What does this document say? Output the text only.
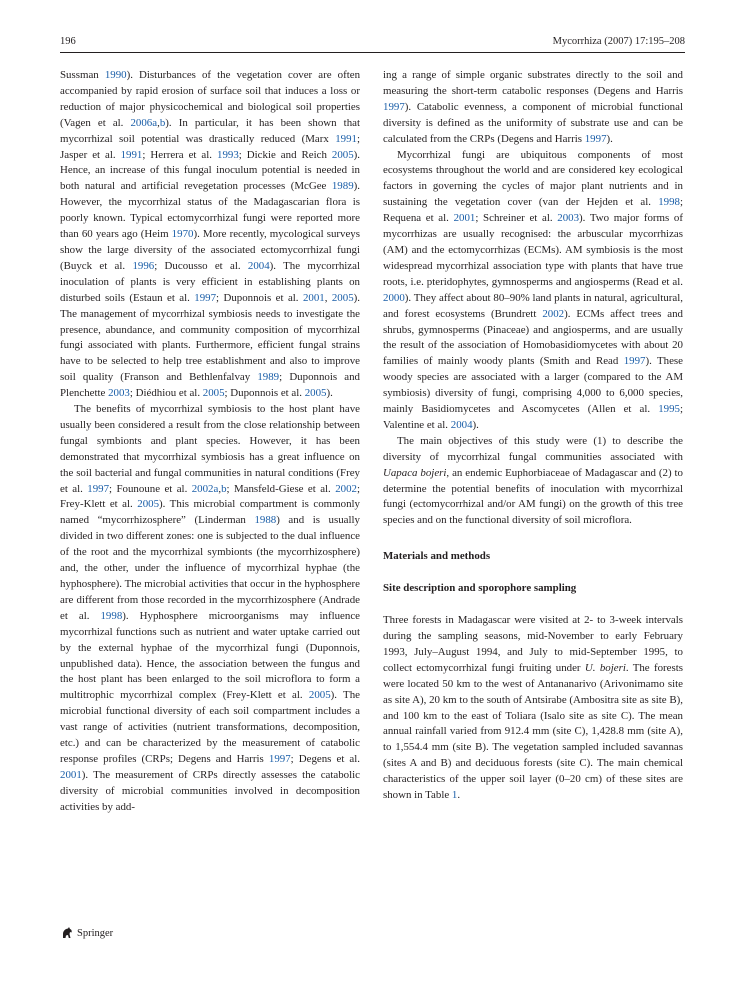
196	Mycorrhiza (2007) 17:195–208

Sussman 1990). Disturbances of the vegetation cover are often accompanied by rapid erosion of surface soil that induces a loss or reduction of major physicochemical and biological soil properties (Vagen et al. 2006a,b). In particular, it has been shown that mycorrhizal soil potential was drastically reduced (Marx 1991; Jasper et al. 1991; Herrera et al. 1993; Dickie and Reich 2005). Hence, an increase of this fungal inoculum potential is needed in both natural and artificial revegetation processes (McGee 1989). However, the mycorrhizal status of the Madagascarian flora is poorly known. Typical ectomycorrhizal fungi were reported more than 60 years ago (Heim 1970). More recently, mycological surveys show the large diversity of the associated ectomycorrhizal fungi (Buyck et al. 1996; Ducousso et al. 2004). The mycorrhizal inoculation of plants is very efficient in establishing plants on disturbed soils (Estaun et al. 1997; Duponnois et al. 2001, 2005). The management of mycorrhizal symbiosis needs to investigate the presence, abundance, and community composition of mycorrhizal fungi associated with plants. Furthermore, efficient fungal strains have to be selected to help tree establishment and also to improve soil quality (Franson and Bethlenfalvay 1989; Duponnois and Plenchette 2003; Diédhiou et al. 2005; Duponnois et al. 2005).

The benefits of mycorrhizal symbiosis to the host plant have usually been considered a result from the close relationship between fungal symbionts and plant species. However, it has been demonstrated that mycorrhizal symbiosis has a great influence on the soil bacterial and fungal communities in natural conditions (Frey et al. 1997; Founoune et al. 2002a,b; Mansfeld-Giese et al. 2002; Frey-Klett et al. 2005). This microbial compartment is commonly named “mycorrhizosphere” (Linderman 1988) and is usually divided in two different zones: one is subjected to the dual influence of the root and the mycorrhizal symbionts (the mycorrhizosphere) and, the other, under the influence of mycorrhizal hyphae (the hyphosphere). The microbial activities that occur in the hyphosphere are different from those recorded in the mycorrhizosphere (Andrade et al. 1998). Hyphosphere microorganisms may influence mycorrhizal functions such as nutrient and water uptake carried out by the external hyphae of the mycorrhizal fungi (Duponnois, unpublished data). Hence, the association between the fungus and the host plant has been enlarged to the soil microflora to form a multitrophic mycorrhizal complex (Frey-Klett et al. 2005). The microbial functional diversity of each soil compartment includes a vast range of activities (nutrient transformations, decomposition, etc.) and can be characterized by the measurement of catabolic response profiles (CRPs; Degens and Harris 1997; Degens et al. 2001). The measurement of CRPs directly assesses the catabolic diversity of microbial communities involved in decomposition activities by add-

ing a range of simple organic substrates directly to the soil and measuring the short-term catabolic responses (Degens and Harris 1997). Catabolic evenness, a component of microbial functional diversity is defined as the uniformity of substrate use and can be calculated from the CRPs (Degens and Harris 1997).

Mycorrhizal fungi are ubiquitous components of most ecosystems throughout the world and are considered key ecological factors in governing the cycles of major plant nutrients and in sustaining the vegetation cover (van der Hejden et al. 1998; Requena et al. 2001; Schreiner et al. 2003). Two major forms of mycorrhizas are usually recognised: the arbuscular mycorrhizas (AM) and the ectomycorrhizas (ECMs). AM symbiosis is the most widespread mycorrhizal association type with plants that have true roots, i.e. pteridophytes, gymnosperms and angiosperms (Read et al. 2000). They affect about 80–90% land plants in natural, agricultural, and forest ecosystems (Brundrett 2002). ECMs affect trees and shrubs, gymnosperms (Pinaceae) and angiosperms, and are usually the result of the association of Homobasidiomycetes with about 20 families of mainly woody plants (Smith and Read 1997). These woody species are associated with a larger (compared to the AM symbiosis) diversity of fungi, comprising 4,000 to 6,000 species, mainly Basidiomycetes and Ascomycetes (Allen et al. 1995; Valentine et al. 2004).

The main objectives of this study were (1) to describe the diversity of mycorrhizal fungal communities associated with Uapaca bojeri, an endemic Euphorbiaceae of Madagascar and (2) to determine the potential benefits of inoculation with mycorrhizal fungi (ectomycorrhizal and/or AM fungi) on the growth of this tree species and on the functional diversity of soil microflora.

Materials and methods
Site description and sporophore sampling

Three forests in Madagascar were visited at 2- to 3-week intervals during the sampling seasons, mid-November to early February 1993, July–August 1994, and July to mid-September 1995, to collect ectomycorrhizal fungi fruiting under U. bojeri. The forests were located 50 km to the west of Antananarivo (Arivonimamo site as site A), 20 km to the south of Antsirabe (Ambositra site as site B), and 100 km to the east of Toliara (Isalo site as site C). The mean annual rainfall varied from 912.4 mm (site C), 1,428.8 mm (site A), to 1,554.4 mm (site B). The vegetation sampled included savannas (sites A and B) and deciduous forests (site C). The main chemical characteristics of the upper soil layer (0–20 cm) of these sites are shown in Table 1.

Springer
